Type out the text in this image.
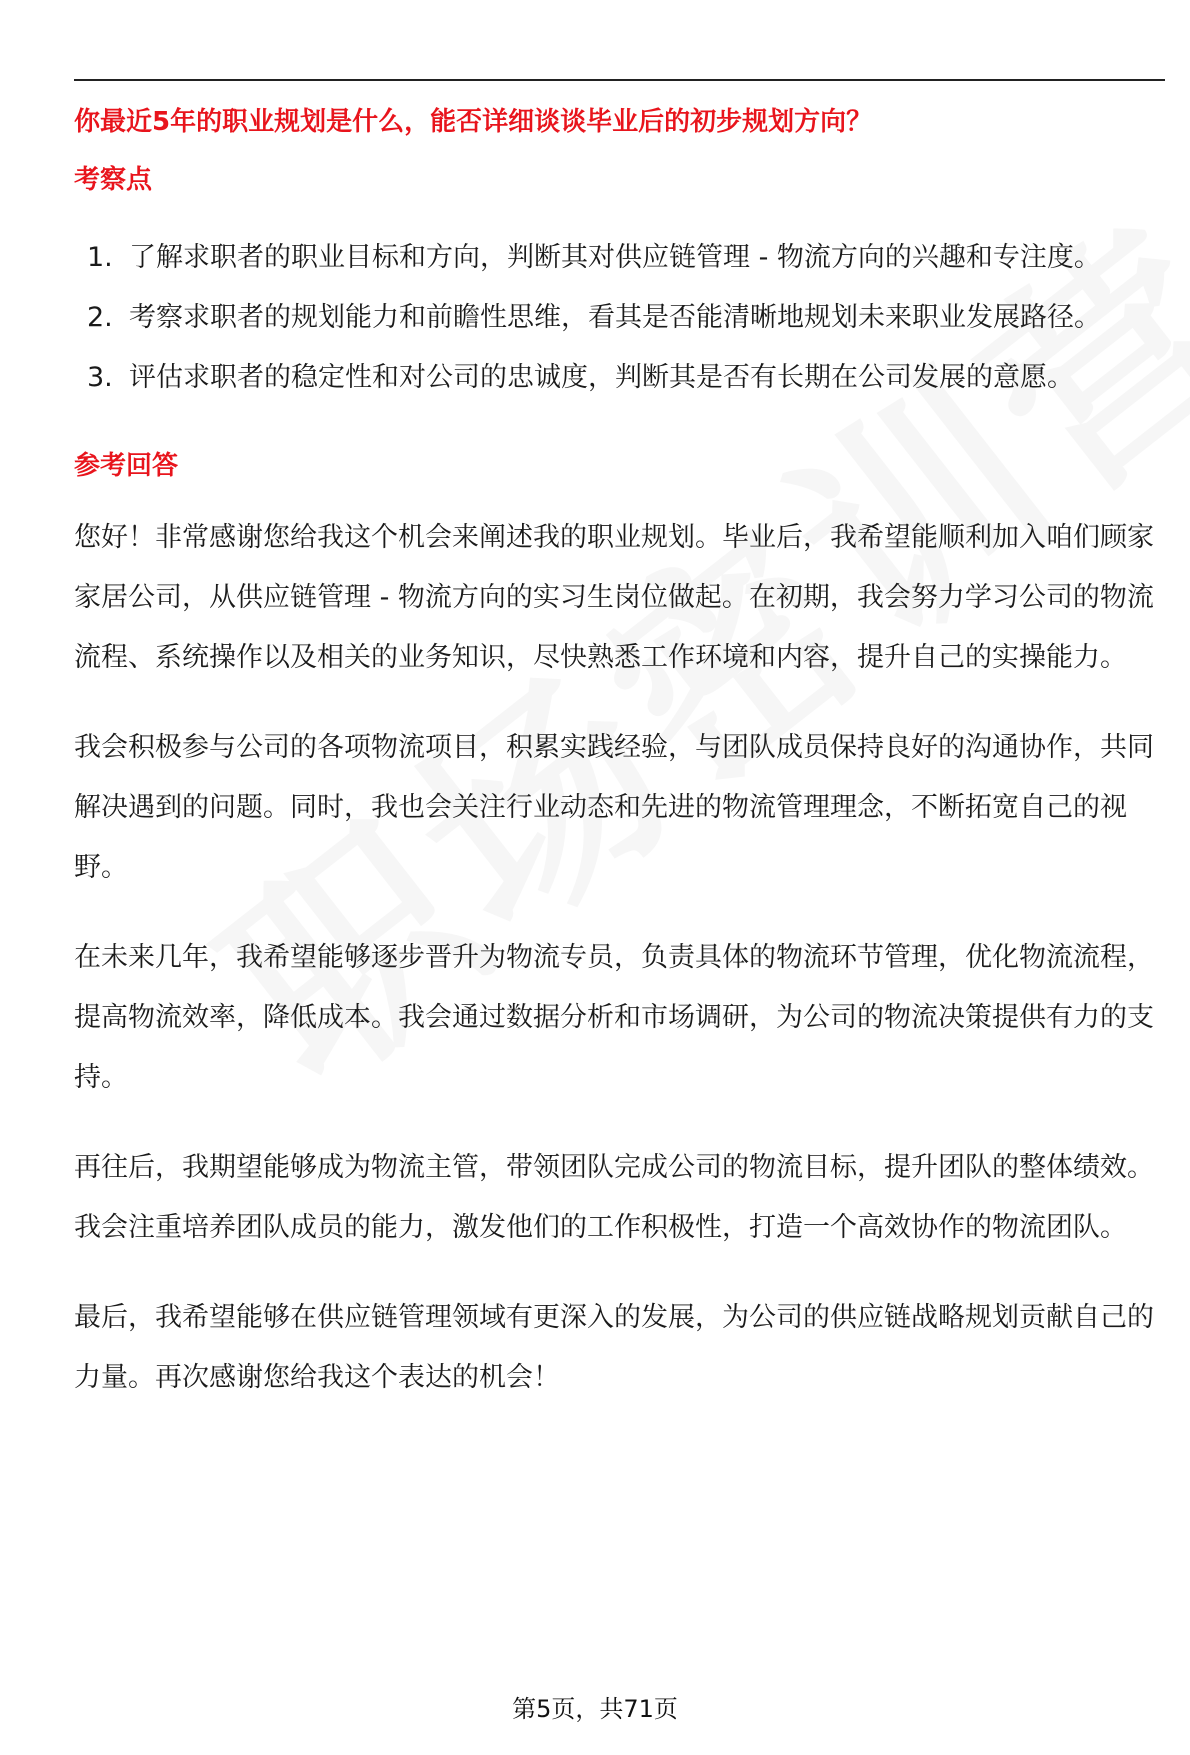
你最近5年的职业规划是什么，能否详细谈谈毕业后的初步规划方向？
考察点
1. 了解求职者的职业目标和方向，判断其对供应链管理 - 物流方向的兴趣和专注度。
2. 考察求职者的规划能力和前瞻性思维，看其是否能清晰地规划未来职业发展路径。
3. 评估求职者的稳定性和对公司的忠诚度，判断其是否有长期在公司发展的意愿。
参考回答

您好！非常感谢您给我这个机会来阐述我的职业规划。毕业后，我希望能顺利加入咱们顾家家居公司，从供应链管理 - 物流方向的实习生岗位做起。在初期，我会努力学习公司的物流流程、系统操作以及相关的业务知识，尽快熟悉工作环境和内容，提升自己的实操能力。

我会积极参与公司的各项物流项目，积累实践经验，与团队成员保持良好的沟通协作，共同解决遇到的问题。同时，我也会关注行业动态和先进的物流管理理念，不断拓宽自己的视野。

在未来几年，我希望能够逐步晋升为物流专员，负责具体的物流环节管理，优化物流流程，提高物流效率，降低成本。我会通过数据分析和市场调研，为公司的物流决策提供有力的支持。

再往后，我期望能够成为物流主管，带领团队完成公司的物流目标，提升团队的整体绩效。我会注重培养团队成员的能力，激发他们的工作积极性，打造一个高效协作的物流团队。

最后，我希望能够在供应链管理领域有更深入的发展，为公司的供应链战略规划贡献自己的力量。再次感谢您给我这个表达的机会！

第5页，共71页
